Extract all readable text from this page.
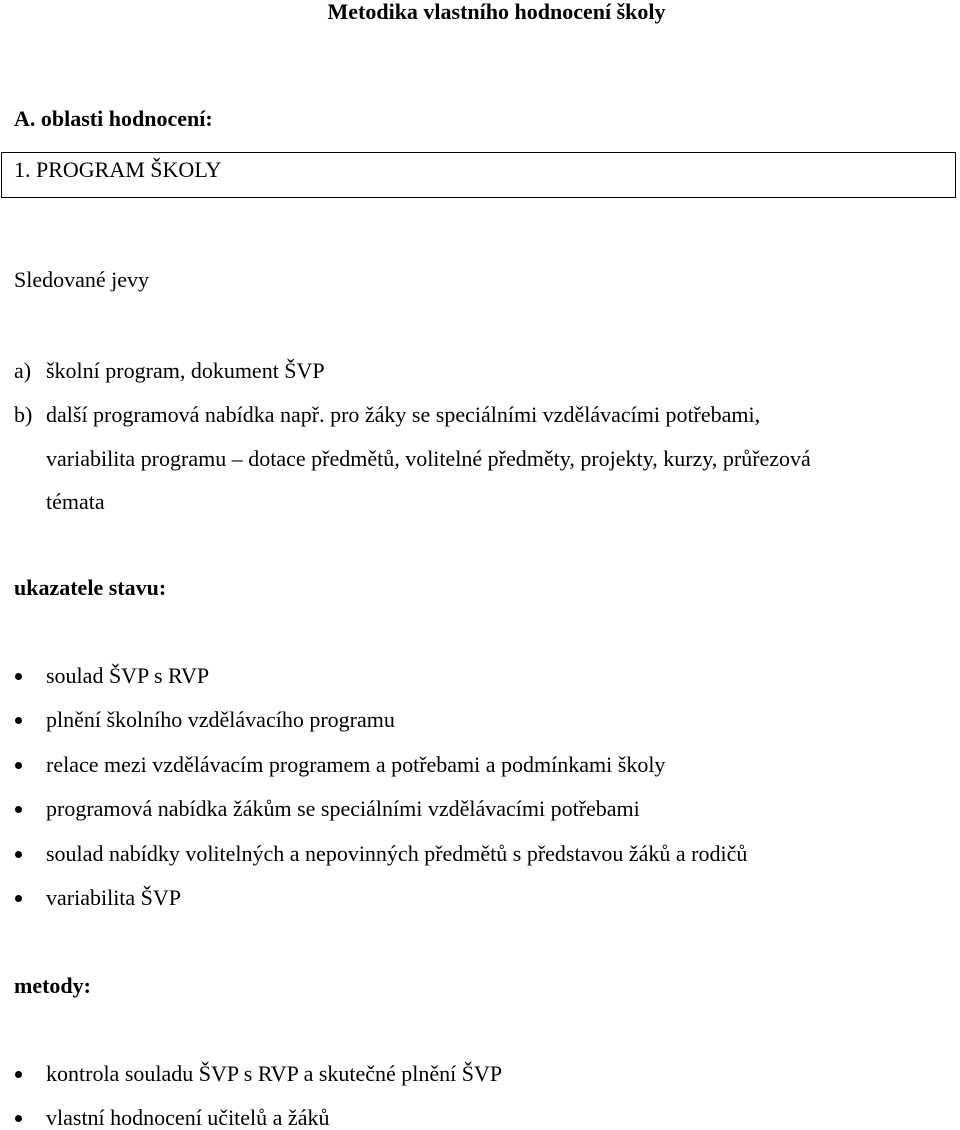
Metodika vlastního hodnocení školy
A. oblasti hodnocení:
1. PROGRAM ŠKOLY
Sledované jevy
a) školní program, dokument ŠVP
b) další programová nabídka např. pro žáky se speciálními vzdělávacími potřebami,
variabilita programu – dotace předmětů, volitelné předměty, projekty, kurzy, průřezová
témata
ukazatele stavu:
soulad ŠVP s RVP
plnění školního vzdělávacího programu
relace mezi vzdělávacím programem a potřebami a podmínkami školy
programová nabídka žákům se speciálními vzdělávacími potřebami
soulad nabídky volitelných a nepovinných předmětů s představou žáků a rodičů
variabilita ŠVP
metody:
kontrola souladu ŠVP s RVP a skutečné plnění ŠVP
vlastní hodnocení učitelů a žáků
